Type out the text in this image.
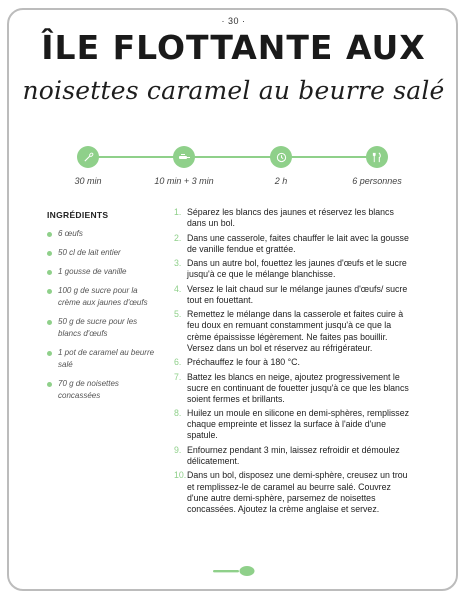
· 30 ·
ÎLE FLOTTANTE AUX
noisettes caramel au beurre salé
30 min	10 min + 3 min	2 h	6 personnes
INGRÉDIENTS
6 œufs
50 cl de lait entier
1 gousse de vanille
100 g de sucre pour la crème aux jaunes d'œufs
50 g de sucre pour les blancs d'œufs
1 pot de caramel au beurre salé
70 g de noisettes concassées
1. Séparez les blancs des jaunes et réservez les blancs dans un bol.
2. Dans une casserole, faites chauffer le lait avec la gousse de vanille fendue et grattée.
3. Dans un autre bol, fouettez les jaunes d'œufs et le sucre jusqu'à ce que le mélange blanchisse.
4. Versez le lait chaud sur le mélange jaunes d'œufs/ sucre tout en fouettant.
5. Remettez le mélange dans la casserole et faites cuire à feu doux en remuant constamment jusqu'à ce que la crème épaississe légèrement. Ne faites pas bouillir. Versez dans un bol et réservez au réfrigérateur.
6. Préchauffez le four à 180 °C.
7. Battez les blancs en neige, ajoutez progressivement le sucre en continuant de fouetter jusqu'à ce que les blancs soient fermes et brillants.
8. Huilez un moule en silicone en demi-sphères, remplissez chaque empreinte et lissez la surface à l'aide d'une spatule.
9. Enfournez pendant 3 min, laissez refroidir et démoulez délicatement.
10. Dans un bol, disposez une demi-sphère, creusez un trou et remplissez-le de caramel au beurre salé. Couvrez d'une autre demi-sphère, parsemez de noisettes concassées. Ajoutez la crème anglaise et servez.
